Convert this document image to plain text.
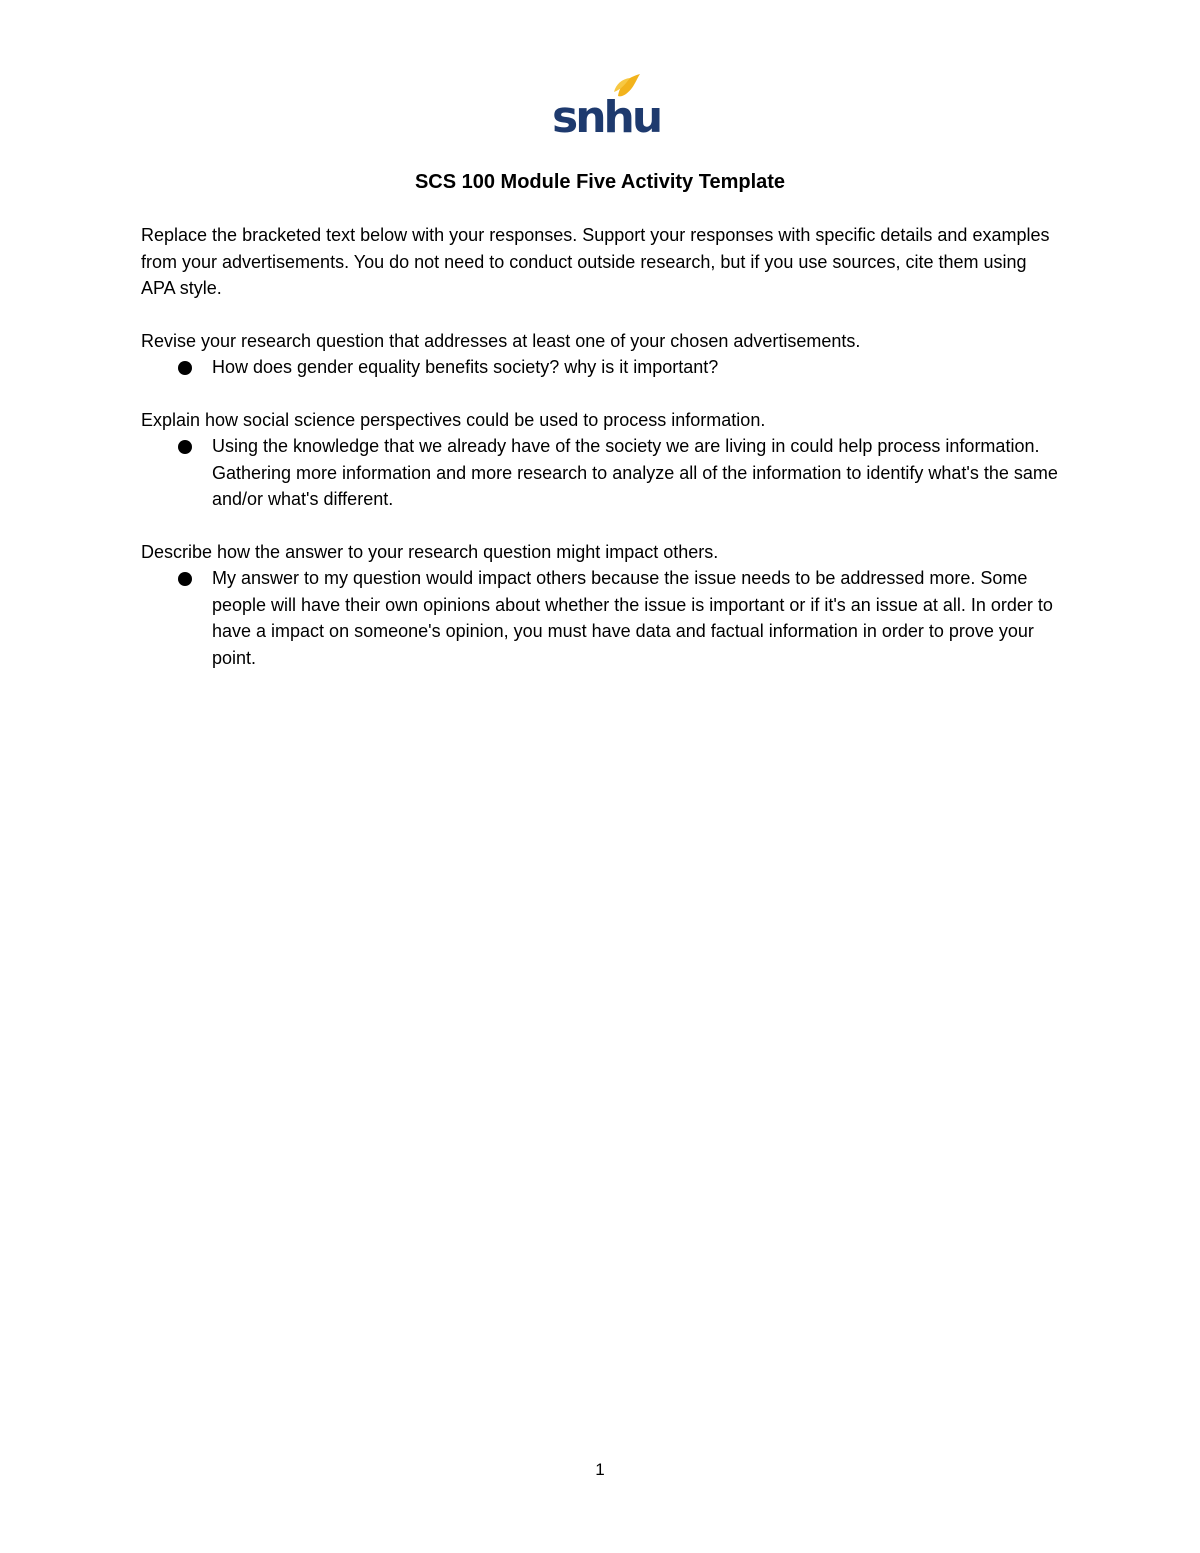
snhu
SCS 100 Module Five Activity Template

Replace the bracketed text below with your responses. Support your responses with specific details and examples from your advertisements. You do not need to conduct outside research, but if you use sources, cite them using APA style.

Revise your research question that addresses at least one of your chosen advertisements.

How does gender equality benefits society? why is it important?

Explain how social science perspectives could be used to process information.

Using the knowledge that we already have of the society we are living in could help process information. Gathering more information and more research to analyze all of the information to identify what's the same and/or what's different.

Describe how the answer to your research question might impact others.

My answer to my question would impact others because the issue needs to be addressed more. Some people will have their own opinions about whether the issue is important or if it's an issue at all. In order to have a impact on someone's opinion, you must have data and factual information in order to prove your point.
1
